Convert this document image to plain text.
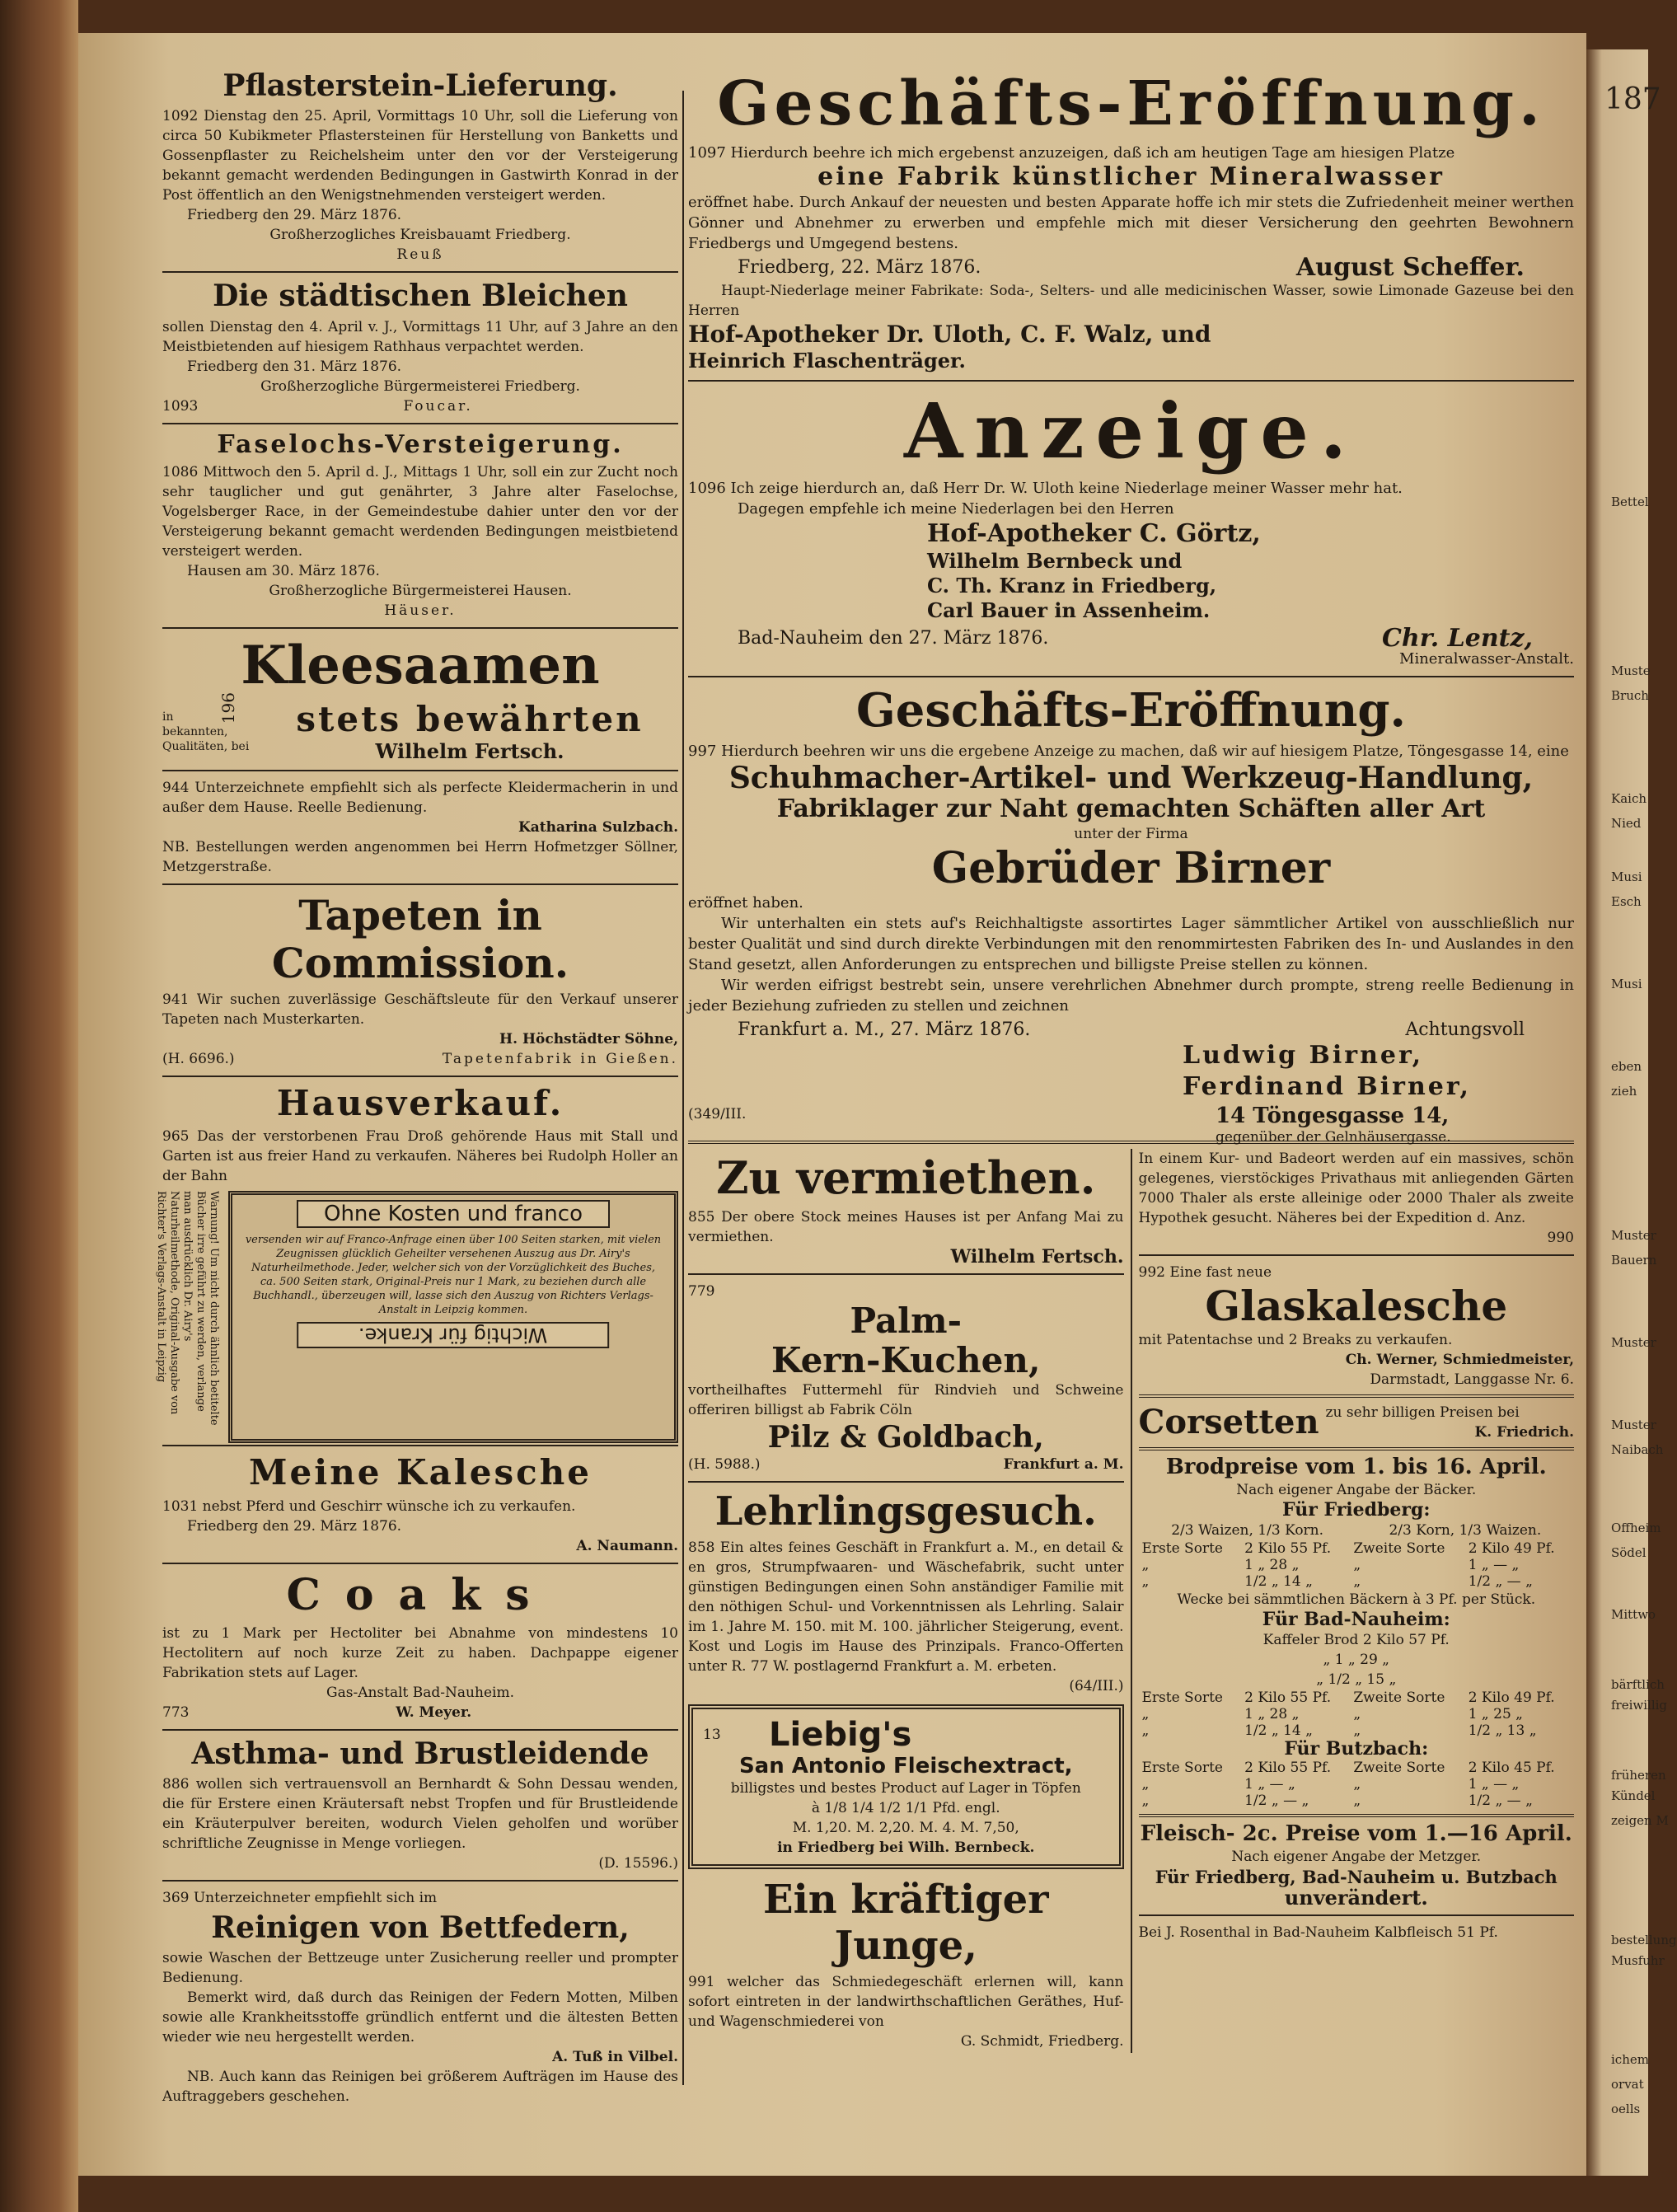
196
187
Bettel
Muste
Bruch
Kaich
Nied
Musi
Esch
Musi
eben
zieh
Muster
Bauern
Muster
Muster
Naibach
Offheim
Södel
Mittwo
bärftlich
freiwillig
früheren
Kündel
zeigen M
bestellung
Musfuhr
ichem
orvat
oells
Pflasterstein-Lieferung.

1092 Dienstag den 25. April, Vormittags 10 Uhr, soll die Lieferung von circa 50 Kubikmeter Pflastersteinen für Herstellung von Banketts und Gossenpflaster zu Reichelsheim unter den vor der Versteigerung bekannt gemacht werdenden Bedingungen in Gastwirth Konrad in der Post öffentlich an den Wenigstnehmenden versteigert werden.

Friedberg den 29. März 1876.

Großherzogliches Kreisbauamt Friedberg.

Reuß

Die städtischen Bleichen

sollen Dienstag den 4. April v. J., Vormittags 11 Uhr, auf 3 Jahre an den Meistbietenden auf hiesigem Rathhaus verpachtet werden.

Friedberg den 31. März 1876.

Großherzogliche Bürgermeisterei Friedberg.

1093	Foucar.

Faselochs-Versteigerung.

1086 Mittwoch den 5. April d. J., Mittags 1 Uhr, soll ein zur Zucht noch sehr tauglicher und gut genährter, 3 Jahre alter Faselochse, Vogelsberger Race, in der Gemeindestube dahier unter den vor der Versteigerung bekannt gemacht werdenden Bedingungen meistbietend versteigert werden.

Hausen am 30. März 1876.

Großherzogliche Bürgermeisterei Hausen.

Häuser.

Kleesaamen
in
bekannten,
Qualitäten, bei
stets bewährten
Wilhelm Fertsch.

944 Unterzeichnete empfiehlt sich als perfecte Kleidermacherin in und außer dem Hause. Reelle Bedienung.

Katharina Sulzbach.

NB. Bestellungen werden angenommen bei Herrn Hofmetzger Söllner, Metzgerstraße.

Tapeten in Commission.

941 Wir suchen zuverlässige Geschäftsleute für den Verkauf unserer Tapeten nach Musterkarten.

H. Höchstädter Söhne,

(H. 6696.)	Tapetenfabrik in Gießen.

Hausverkauf.

965 Das der verstorbenen Frau Droß gehörende Haus mit Stall und Garten ist aus freier Hand zu verkaufen. Näheres bei Rudolph Holler an der Bahn

Warnung! Um nicht durch ähnlich betitelte Bücher irre geführt zu werden, verlange man ausdrücklich Dr. Airy's Naturheilmethode, Original-Ausgabe von Richter's Verlags-Anstalt in Leipzig	Ohne Kosten und franco
versenden wir auf Franco-Anfrage einen über 100 Seiten starken, mit vielen Zeugnissen glücklich Geheilter versehenen Auszug aus Dr. Airy's Naturheilmethode. Jeder, welcher sich von der Vorzüglichkeit des Buches, ca. 500 Seiten stark, Original-Preis nur 1 Mark, zu beziehen durch alle Buchhandl., überzeugen will, lasse sich den Auszug von Richters Verlags-Anstalt in Leipzig kommen.
Wichtig für Kranke.
Meine Kalesche

1031 nebst Pferd und Geschirr wünsche ich zu verkaufen.

Friedberg den 29. März 1876.

A. Naumann.

Coaks

ist zu 1 Mark per Hectoliter bei Abnahme von mindestens 10 Hectolitern auf noch kurze Zeit zu haben. Dachpappe eigener Fabrikation stets auf Lager.

Gas-Anstalt Bad-Nauheim.

773	W. Meyer.

Asthma- und Brustleidende

886 wollen sich vertrauensvoll an Bernhardt & Sohn Dessau wenden, die für Erstere einen Kräutersaft nebst Tropfen und für Brustleidende ein Kräuterpulver bereiten, wodurch Vielen geholfen und worüber schriftliche Zeugnisse in Menge vorliegen.

(D. 15596.)

369 Unterzeichneter empfiehlt sich im

Reinigen von Bettfedern,

sowie Waschen der Bettzeuge unter Zusicherung reeller und prompter Bedienung.

Bemerkt wird, daß durch das Reinigen der Federn Motten, Milben sowie alle Krankheitsstoffe gründlich entfernt und die ältesten Betten wieder wie neu hergestellt werden.

A. Tuß in Vilbel.

NB. Auch kann das Reinigen bei größerem Aufträgen im Hause des Auftraggebers geschehen.

Geschäfts-Eröffnung.

1097 Hierdurch beehre ich mich ergebenst anzuzeigen, daß ich am heutigen Tage am hiesigen Platze

eine Fabrik künstlicher Mineralwasser

eröffnet habe. Durch Ankauf der neuesten und besten Apparate hoffe ich mir stets die Zufriedenheit meiner werthen Gönner und Abnehmer zu erwerben und empfehle mich mit dieser Versicherung den geehrten Bewohnern Friedbergs und Umgegend bestens.

Friedberg, 22. März 1876.	August Scheffer.

Haupt-Niederlage meiner Fabrikate: Soda-, Selters- und alle medicinischen Wasser, sowie Limonade Gazeuse bei den Herren

Hof-Apotheker Dr. Uloth, C. F. Walz, und
Heinrich Flaschenträger.
Anzeige.

1096 Ich zeige hierdurch an, daß Herr Dr. W. Uloth keine Niederlage meiner Wasser mehr hat.

Dagegen empfehle ich meine Niederlagen bei den Herren

Hof-Apotheker C. Görtz,
Wilhelm Bernbeck und
C. Th. Kranz in Friedberg,
Carl Bauer in Assenheim.

Bad-Nauheim den 27. März 1876.	Chr. Lentz,

Mineralwasser-Anstalt.

Geschäfts-Eröffnung.

997 Hierdurch beehren wir uns die ergebene Anzeige zu machen, daß wir auf hiesigem Platze, Töngesgasse 14, eine

Schuhmacher-Artikel- und Werkzeug-Handlung,
Fabriklager zur Naht gemachten Schäften aller Art

unter der Firma

Gebrüder Birner

eröffnet haben.

Wir unterhalten ein stets auf's Reichhaltigste assortirtes Lager sämmtlicher Artikel von ausschließlich nur bester Qualität und sind durch direkte Verbindungen mit den renommirtesten Fabriken des In- und Auslandes in den Stand gesetzt, allen Anforderungen zu entsprechen und billigste Preise stellen zu können.

Wir werden eifrigst bestrebt sein, unsere verehrlichen Abnehmer durch prompte, streng reelle Bedienung in jeder Beziehung zufrieden zu stellen und zeichnen

Frankfurt a. M., 27. März 1876.	Achtungsvoll

Ludwig Birner,
Ferdinand Birner,
14 Töngesgasse 14,
gegenüber der Gelnhäusergasse.

(349/III.

Zu vermiethen.

855 Der obere Stock meines Hauses ist per Anfang Mai zu vermiethen.

Wilhelm Fertsch.

779

Palm-
Kern-Kuchen,

vortheilhaftes Futtermehl für Rindvieh und Schweine offeriren billigst ab Fabrik Cöln

Pilz & Goldbach,

(H. 5988.)	Frankfurt a. M.

Lehrlingsgesuch.

858 Ein altes feines Geschäft in Frankfurt a. M., en detail & en gros, Strumpfwaaren- und Wäschefabrik, sucht unter günstigen Bedingungen einen Sohn anständiger Familie mit den nöthigen Schul- und Vorkenntnissen als Lehrling. Salair im 1. Jahre M. 150. mit M. 100. jährlicher Steigerung, event. Kost und Logis im Hause des Prinzipals. Franco-Offerten unter R. 77 W. postlagernd Frankfurt a. M. erbeten.

(64/III.)

13	Liebig's
San Antonio Fleischextract,

billigstes und bestes Product auf Lager in Töpfen

à 1/8 1/4 1/2 1/1 Pfd. engl.

M. 1,20. M. 2,20. M. 4. M. 7,50,

in Friedberg bei Wilh. Bernbeck.

Ein kräftiger Junge,

991 welcher das Schmiedegeschäft erlernen will, kann sofort eintreten in der landwirthschaftlichen Geräthes, Huf- und Wagenschmiederei von

G. Schmidt, Friedberg.

In einem Kur- und Badeort werden auf ein massives, schön gelegenes, vierstöckiges Privathaus mit anliegenden Gärten 7000 Thaler als erste alleinige oder 2000 Thaler als zweite Hypothek gesucht. Näheres bei der Expedition d. Anz.

990

992 Eine fast neue

Glaskalesche

mit Patentachse und 2 Breaks zu verkaufen.

Ch. Werner, Schmiedmeister,

Darmstadt, Langgasse Nr. 6.

Corsetten zu sehr billigen Preisen bei
K. Friedrich.
Brodpreise vom 1. bis 16. April.

Nach eigener Angabe der Bäcker.

Für Friedberg:

2/3 Waizen, 1/3 Korn.	2/3 Korn, 1/3 Waizen.

Erste Sorte	2 Kilo 55 Pf.	Zweite Sorte	2 Kilo 49 Pf.
„	1 „ 28 „	„	1 „ — „
„	1/2 „ 14 „	„	1/2 „ — „

Wecke bei sämmtlichen Bäckern à 3 Pf. per Stück.

Für Bad-Nauheim:

Kaffeler Brod 2 Kilo 57 Pf.

„ 1 „ 29 „

„ 1/2 „ 15 „

Erste Sorte	2 Kilo 55 Pf.	Zweite Sorte	2 Kilo 49 Pf.
„	1 „ 28 „	„	1 „ 25 „
„	1/2 „ 14 „	„	1/2 „ 13 „

Für Butzbach:

Erste Sorte	2 Kilo 55 Pf.	Zweite Sorte	2 Kilo 45 Pf.
„	1 „ — „	„	1 „ — „
„	1/2 „ — „	„	1/2 „ — „
Fleisch- 2c. Preise vom 1.—16 April.

Nach eigener Angabe der Metzger.

Für Friedberg, Bad-Nauheim u. Butzbach

unverändert.

Bei J. Rosenthal in Bad-Nauheim Kalbfleisch 51 Pf.
